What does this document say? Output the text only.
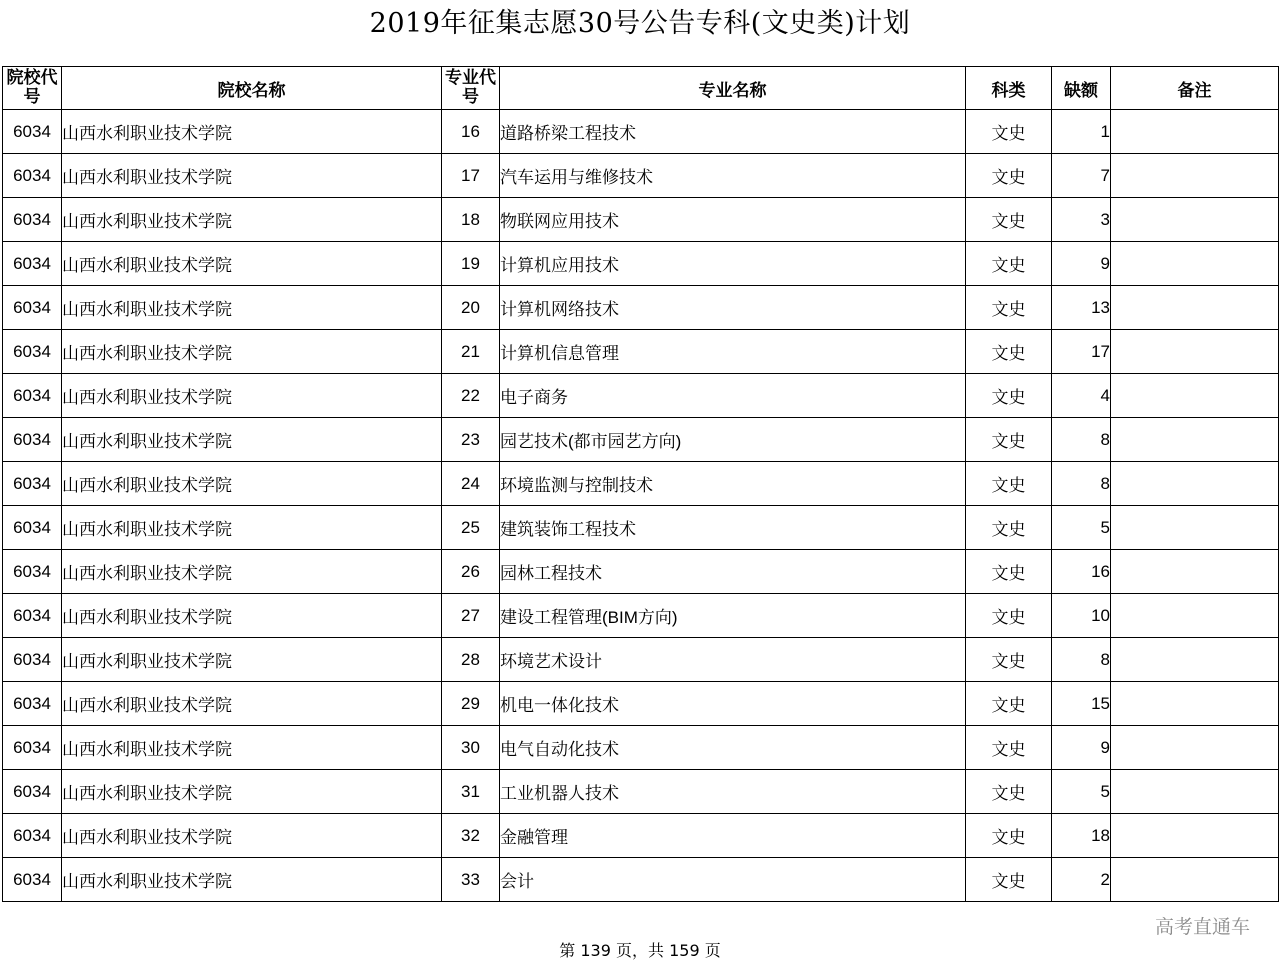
2019年征集志愿30号公告专科(文史类)计划
院校代号	院校名称	专业代号	专业名称	科类	缺额	备注
6034	山西水利职业技术学院	16	道路桥梁工程技术	文史	1	
6034	山西水利职业技术学院	17	汽车运用与维修技术	文史	7	
6034	山西水利职业技术学院	18	物联网应用技术	文史	3	
6034	山西水利职业技术学院	19	计算机应用技术	文史	9	
6034	山西水利职业技术学院	20	计算机网络技术	文史	13	
6034	山西水利职业技术学院	21	计算机信息管理	文史	17	
6034	山西水利职业技术学院	22	电子商务	文史	4	
6034	山西水利职业技术学院	23	园艺技术(都市园艺方向)	文史	8	
6034	山西水利职业技术学院	24	环境监测与控制技术	文史	8	
6034	山西水利职业技术学院	25	建筑装饰工程技术	文史	5	
6034	山西水利职业技术学院	26	园林工程技术	文史	16	
6034	山西水利职业技术学院	27	建设工程管理(BIM方向)	文史	10	
6034	山西水利职业技术学院	28	环境艺术设计	文史	8	
6034	山西水利职业技术学院	29	机电一体化技术	文史	15	
6034	山西水利职业技术学院	30	电气自动化技术	文史	9	
6034	山西水利职业技术学院	31	工业机器人技术	文史	5	
6034	山西水利职业技术学院	32	金融管理	文史	18	
6034	山西水利职业技术学院	33	会计	文史	2	
高考直通车
第 139 页，共 159 页
